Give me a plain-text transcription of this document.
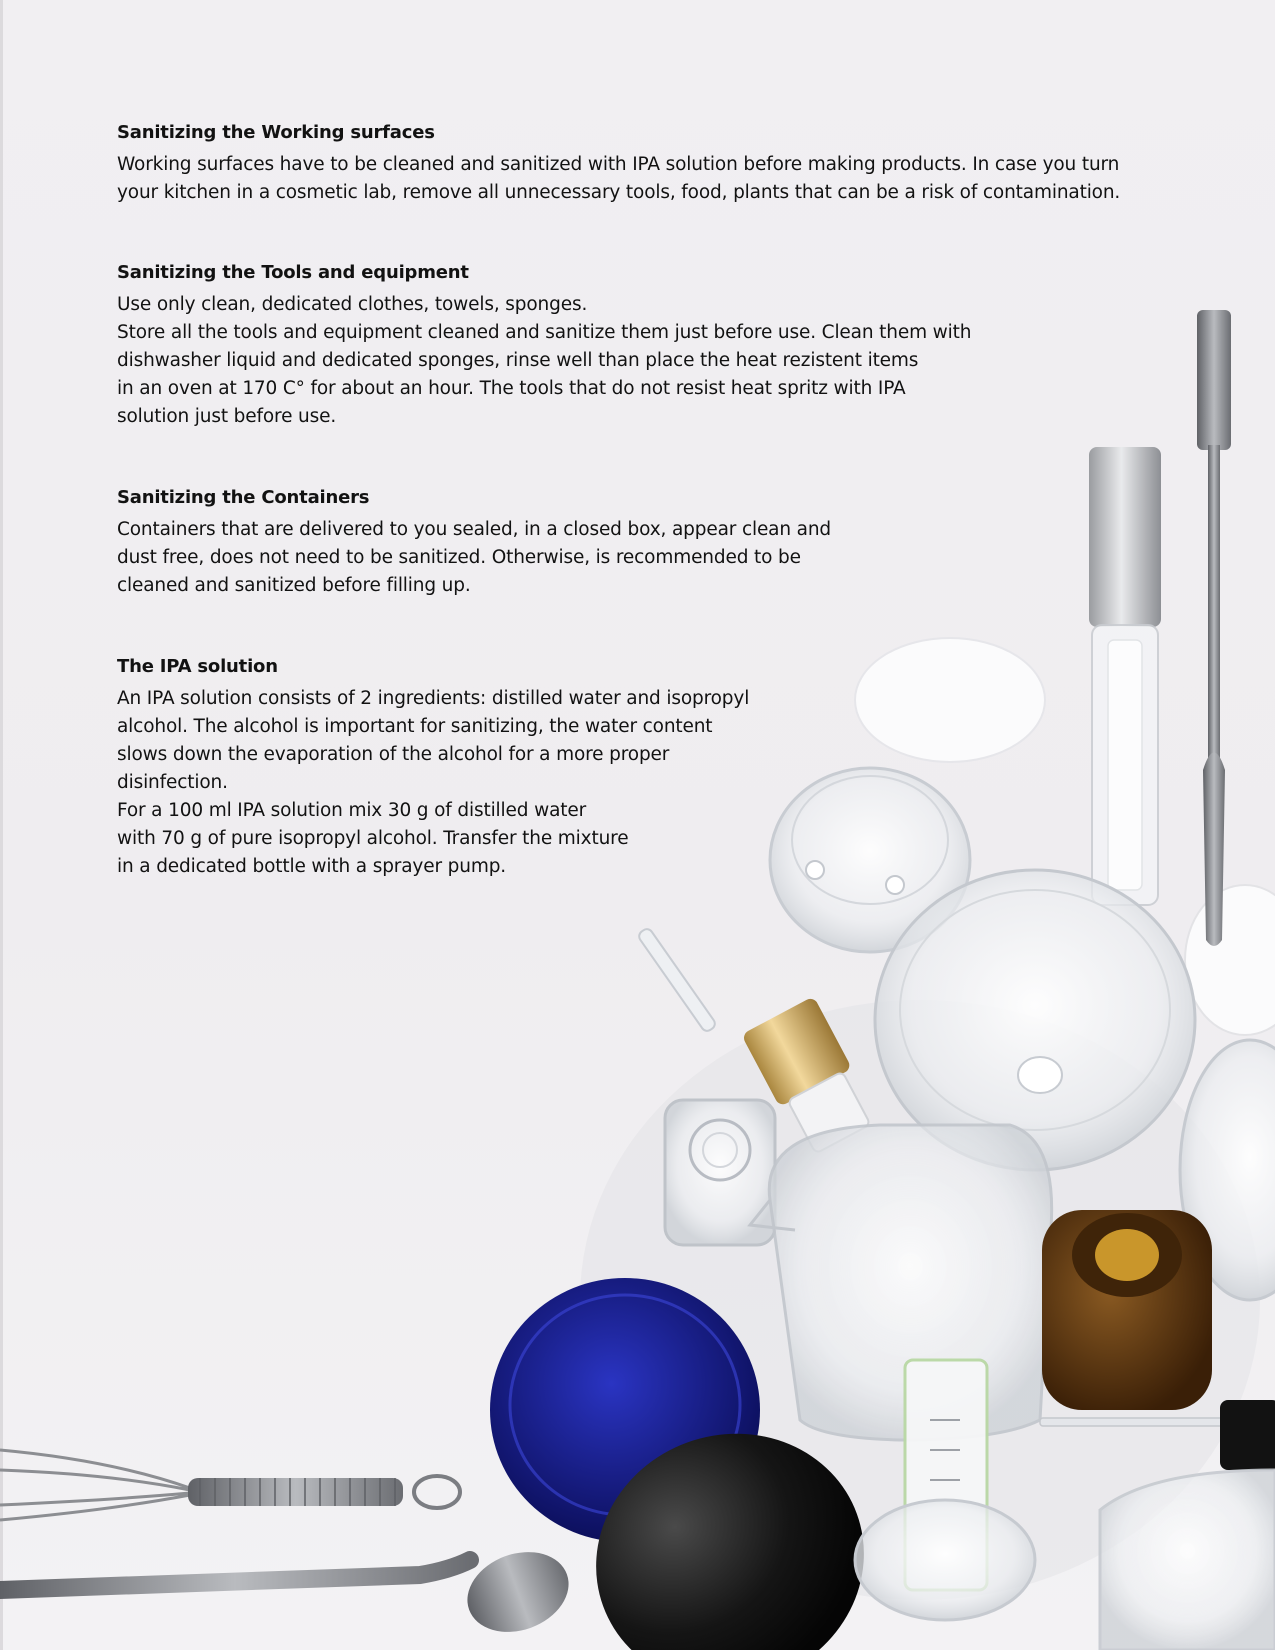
Sanitizing the Working surfaces
Working surfaces have to be cleaned and sanitized with IPA solution before making products. In case you turn
your kitchen in a cosmetic lab, remove all unnecessary tools, food, plants that can be a risk of contamination.
Sanitizing the Tools and equipment
Use only clean, dedicated clothes, towels, sponges.
Store all the tools and equipment cleaned and sanitize them just before use. Clean them with
dishwasher liquid and dedicated sponges, rinse well than place the heat rezistent items
in an oven at 170 C° for about an hour. The tools that do not resist heat spritz with IPA
solution just before use.
Sanitizing the Containers
Containers that are delivered to you sealed, in a closed box, appear clean and
dust free, does not need to be sanitized. Otherwise, is recommended to be
cleaned and sanitized before filling up.
The IPA solution
An IPA solution consists of 2 ingredients: distilled water and isopropyl
alcohol. The alcohol is important for sanitizing, the water content
slows down the evaporation of the alcohol for a more proper
disinfection.
For a 100 ml IPA solution mix 30 g of distilled water
with 70 g of pure isopropyl alcohol. Transfer the mixture
in a dedicated bottle with a sprayer pump.
